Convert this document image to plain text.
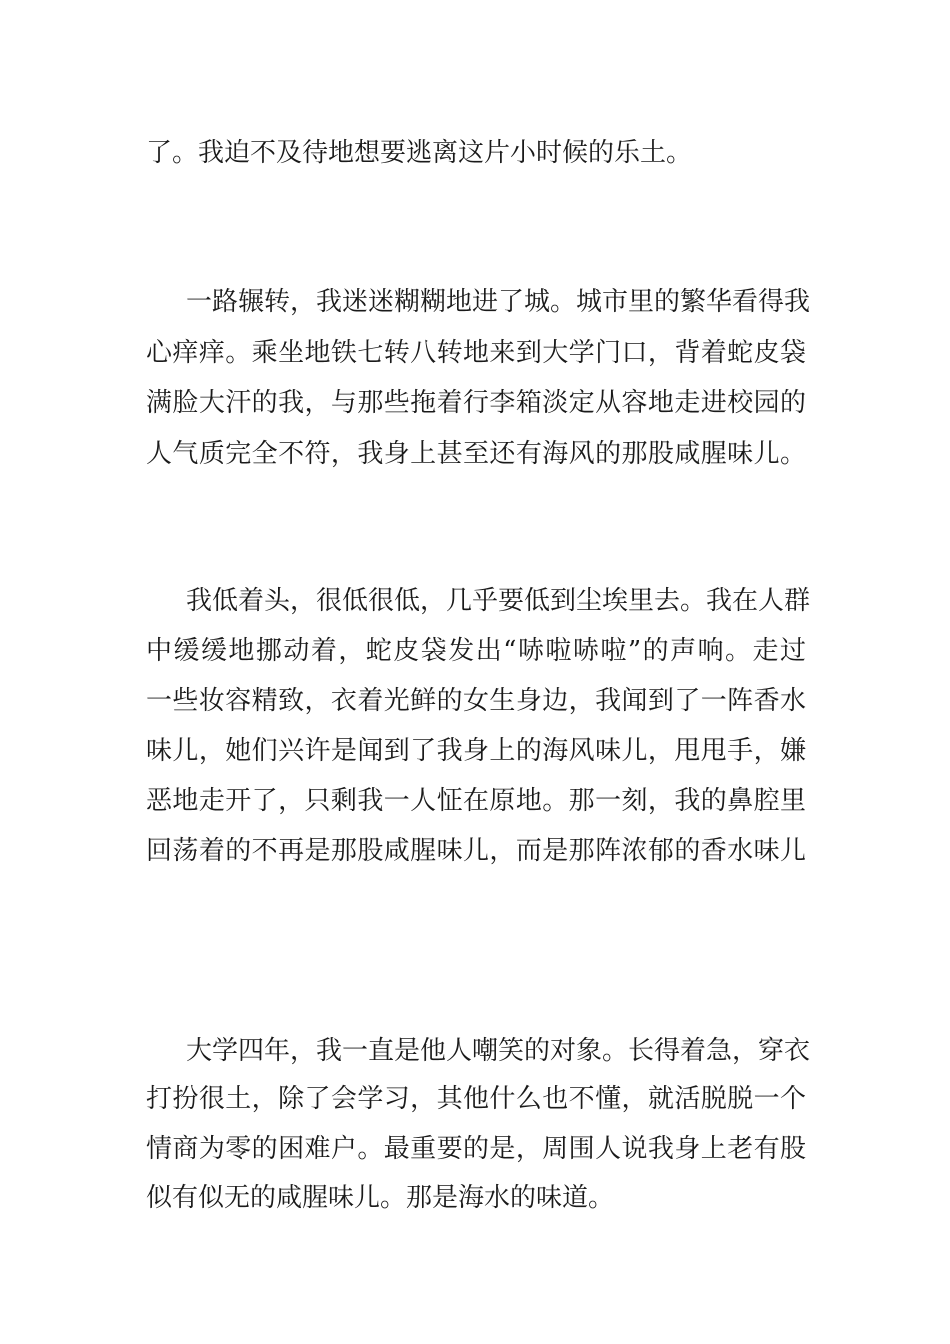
了。我迫不及待地想要逃离这片小时候的乐土。
一路辗转，我迷迷糊糊地进了城。城市里的繁华看得我
心痒痒。乘坐地铁七转八转地来到大学门口，背着蛇皮袋
满脸大汗的我，与那些拖着行李箱淡定从容地走进校园的
人气质完全不符，我身上甚至还有海风的那股咸腥味儿。
我低着头，很低很低，几乎要低到尘埃里去。我在人群
中缓缓地挪动着，蛇皮袋发出“哧啦哧啦”的声响。走过
一些妆容精致，衣着光鲜的女生身边，我闻到了一阵香水
味儿，她们兴许是闻到了我身上的海风味儿，甩甩手，嫌
恶地走开了，只剩我一人怔在原地。那一刻，我的鼻腔里
回荡着的不再是那股咸腥味儿，而是那阵浓郁的香水味儿
大学四年，我一直是他人嘲笑的对象。长得着急，穿衣
打扮很土，除了会学习，其他什么也不懂，就活脱脱一个
情商为零的困难户。最重要的是，周围人说我身上老有股
似有似无的咸腥味儿。那是海水的味道。
